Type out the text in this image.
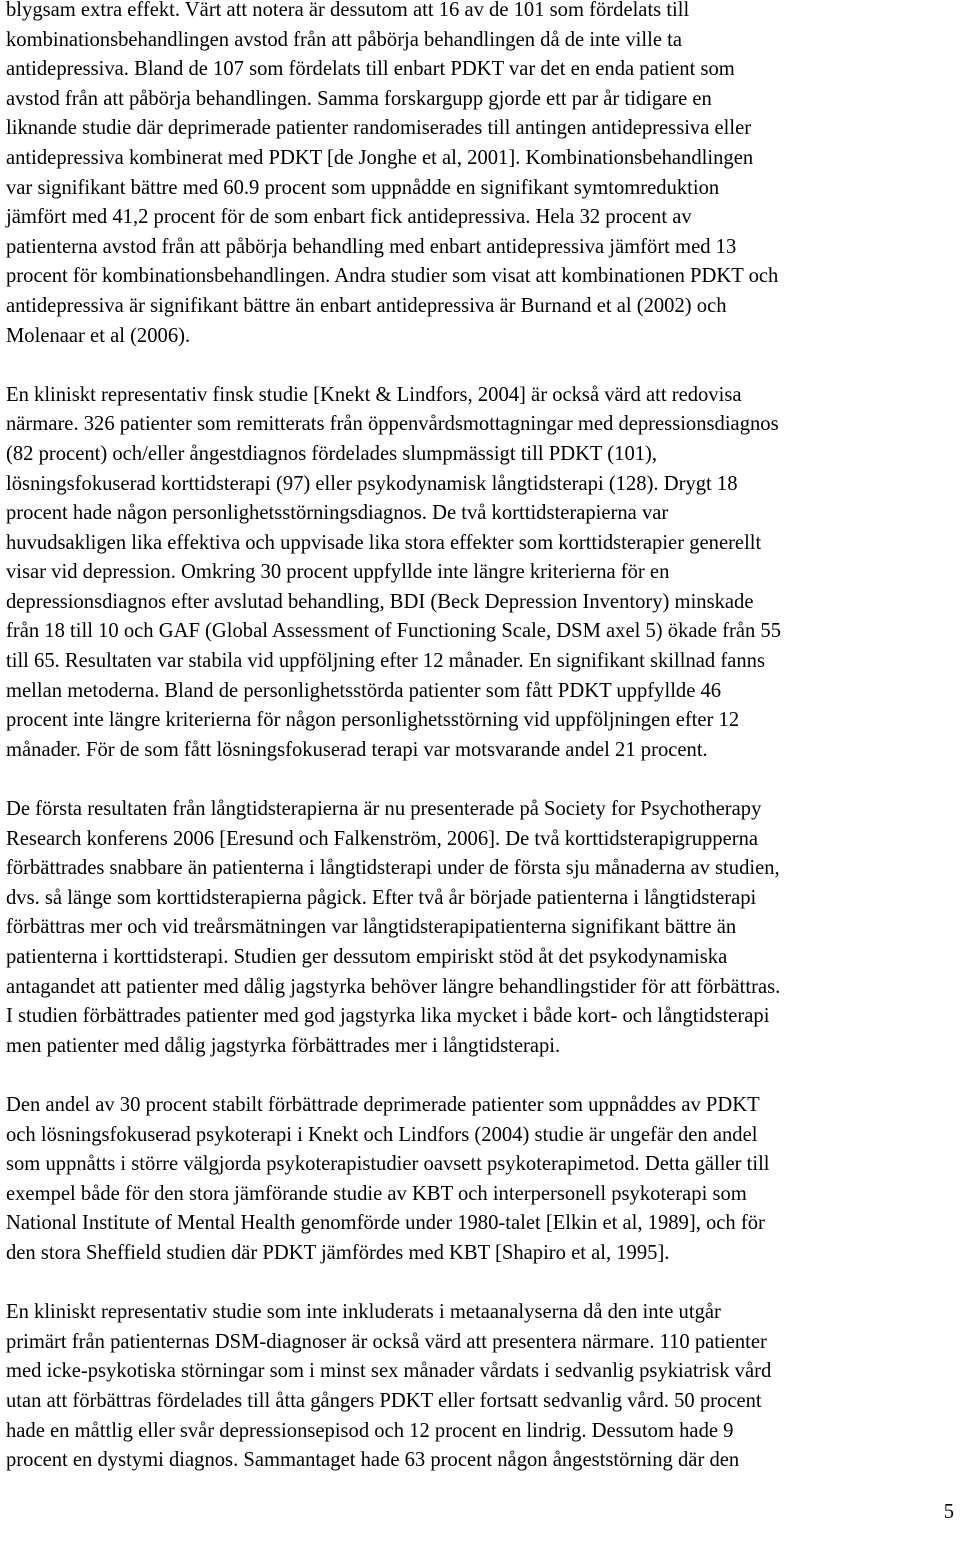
blygsam extra effekt. Värt att notera är dessutom att 16 av de 101 som fördelats till
kombinationsbehandlingen avstod från att påbörja behandlingen då de inte ville ta
antidepressiva. Bland de 107 som fördelats till enbart PDKT var det en enda patient som
avstod från att påbörja behandlingen. Samma forskargupp gjorde ett par år tidigare en
liknande studie där deprimerade patienter randomiserades till antingen antidepressiva eller
antidepressiva kombinerat med PDKT [de Jonghe et al, 2001]. Kombinationsbehandlingen
var signifikant bättre med 60.9 procent som uppnådde en signifikant symtomreduktion
jämfört med 41,2 procent för de som enbart fick antidepressiva. Hela 32 procent av
patienterna avstod från att påbörja behandling med enbart antidepressiva jämfört med 13
procent för kombinationsbehandlingen. Andra studier som visat att kombinationen PDKT och
antidepressiva är signifikant bättre än enbart antidepressiva är Burnand et al (2002) och
Molenaar et al (2006).

En kliniskt representativ finsk studie [Knekt & Lindfors, 2004] är också värd att redovisa
närmare. 326 patienter som remitterats från öppenvårdsmottagningar med depressionsdiagnos
(82 procent) och/eller ångestdiagnos fördelades slumpmässigt till PDKT (101),
lösningsfokuserad korttidsterapi (97) eller psykodynamisk långtidsterapi (128). Drygt 18
procent hade någon personlighetsstörningsdiagnos. De två korttidsterapierna var
huvudsakligen lika effektiva och uppvisade lika stora effekter som korttidsterapier generellt
visar vid depression. Omkring 30 procent uppfyllde inte längre kriterierna för en
depressionsdiagnos efter avslutad behandling, BDI (Beck Depression Inventory) minskade
från 18 till 10 och GAF (Global Assessment of Functioning Scale, DSM axel 5) ökade från 55
till 65. Resultaten var stabila vid uppföljning efter 12 månader. En signifikant skillnad fanns
mellan metoderna. Bland de personlighetsstörda patienter som fått PDKT uppfyllde 46
procent inte längre kriterierna för någon personlighetsstörning vid uppföljningen efter 12
månader. För de som fått lösningsfokuserad terapi var motsvarande andel 21 procent.

De första resultaten från långtidsterapierna är nu presenterade på Society for Psychotherapy
Research konferens 2006 [Eresund och Falkenström, 2006]. De två korttidsterapigrupperna
förbättrades snabbare än patienterna i långtidsterapi under de första sju månaderna av studien,
dvs. så länge som korttidsterapierna pågick. Efter två år började patienterna i långtidsterapi
förbättras mer och vid treårsmätningen var långtidsterapipatienterna signifikant bättre än
patienterna i korttidsterapi. Studien ger dessutom empiriskt stöd åt det psykodynamiska
antagandet att patienter med dålig jagstyrka behöver längre behandlingstider för att förbättras.
I studien förbättrades patienter med god jagstyrka lika mycket i både kort- och långtidsterapi
men patienter med dålig jagstyrka förbättrades mer i långtidsterapi.

Den andel av 30 procent stabilt förbättrade deprimerade patienter som uppnåddes av PDKT
och lösningsfokuserad psykoterapi i Knekt och Lindfors (2004) studie är ungefär den andel
som uppnåtts i större välgjorda psykoterapistudier oavsett psykoterapimetod. Detta gäller till
exempel både för den stora jämförande studie av KBT och interpersonell psykoterapi som
National Institute of Mental Health genomförde under 1980-talet [Elkin et al, 1989], och för
den stora Sheffield studien där PDKT jämfördes med KBT [Shapiro et al, 1995].

En kliniskt representativ studie som inte inkluderats i metaanalyserna då den inte utgår
primärt från patienternas DSM-diagnoser är också värd att presentera närmare. 110 patienter
med icke-psykotiska störningar som i minst sex månader vårdats i sedvanlig psykiatrisk vård
utan att förbättras fördelades till åtta gångers PDKT eller fortsatt sedvanlig vård. 50 procent
hade en måttlig eller svår depressionsepisod och 12 procent en lindrig. Dessutom hade 9
procent en dystymi diagnos. Sammantaget hade 63 procent någon ångeststörning där den

5
